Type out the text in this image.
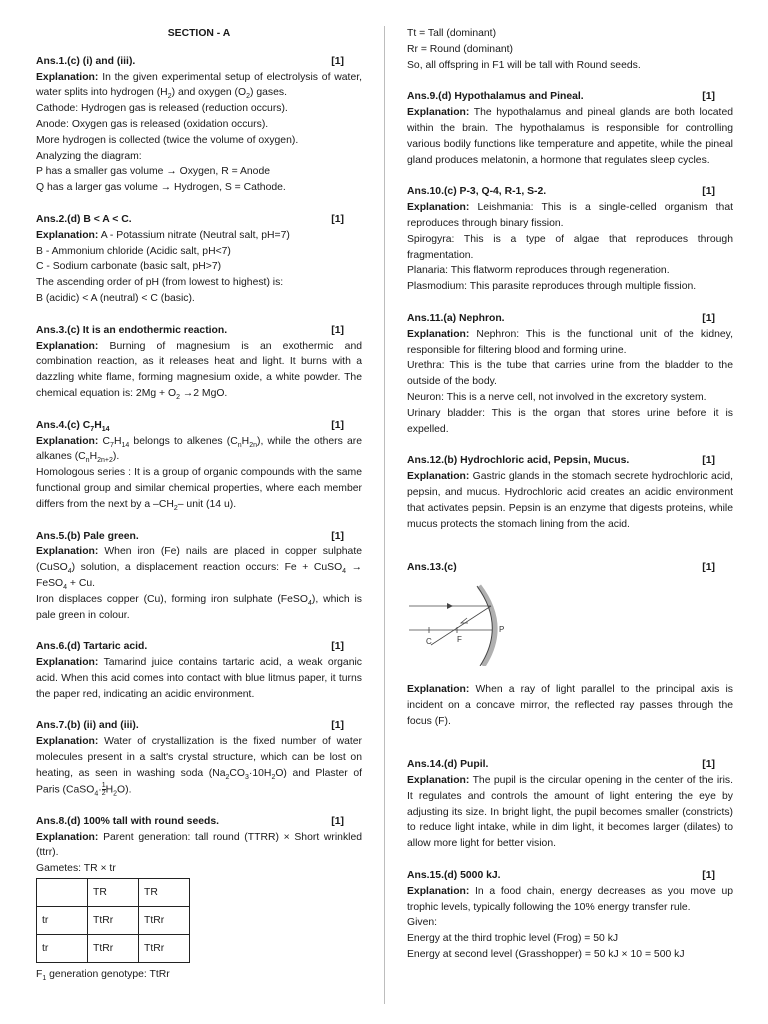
SECTION - A
Ans.1.(c) (i) and (iii).	[1]
Explanation: In the given experimental setup of electrolysis of water, water splits into hydrogen $(H_2)$ and oxygen $(O_2)$ gases.
Cathode: Hydrogen gas is released (reduction occurs).
Anode: Oxygen gas is released (oxidation occurs).
More hydrogen is collected (twice the volume of oxygen).
Analyzing the diagram:
P has a smaller gas volume → Oxygen, R = Anode
Q has a larger gas volume → Hydrogen, S = Cathode.
Ans.2.(d) B < A < C.	[1]
Explanation: A - Potassium nitrate (Neutral salt, pH=7)
B - Ammonium chloride (Acidic salt, pH<7)
C - Sodium carbonate (basic salt, pH>7)
The ascending order of pH (from lowest to highest) is:
B (acidic) < A (neutral) < C (basic).
Ans.3.(c) It is an endothermic reaction.	[1]
Explanation: Burning of magnesium is an exothermic and combination reaction, as it releases heat and light. It burns with a dazzling white flame, forming magnesium oxide, a white powder. The chemical equation is: $2Mg + O_2 \to 2$ MgO.
Ans.4.(c) $C_7H_{14}$	[1]
Explanation: $C_7H_{14}$ belongs to alkenes $(C_nH_{2n})$, while the others are alkanes $(C_nH_{2n+2})$.
Homologous series : It is a group of organic compounds with the same functional group and similar chemical properties, where each member differs from the next by a $-CH_2-$ unit (14 u).
Ans.5.(b) Pale green.	[1]
Explanation: When iron (Fe) nails are placed in copper sulphate (CuSO$_4$) solution, a displacement reaction occurs: Fe + CuSO$_4$ → FeSO$_4$ + Cu.
Iron displaces copper (Cu), forming iron sulphate (FeSO$_4$), which is pale green in colour.
Ans.6.(d) Tartaric acid.	[1]
Explanation: Tamarind juice contains tartaric acid, a weak organic acid. When this acid comes into contact with blue litmus paper, it turns the paper red, indicating an acidic environment.
Ans.7.(b) (ii) and (iii).	[1]
Explanation: Water of crystallization is the fixed number of water molecules present in a salt's crystal structure, which can be lost on heating, as seen in washing soda $(Na_2CO_3\cdot 10H_2O)$ and Plaster of Paris (CaSO$_4$· $\frac{1}{2} H_2O$).
Ans.8.(d) 100% tall with round seeds.	[1]
Explanation: Parent generation: tall round (TTRR) × Short wrinkled (ttrr).
Gametes: TR × tr
	TR	TR
tr	TtRr	TtRr
tr	TtRr	TtRr
$F_1$ generation genotype: TtRr
Tt = Tall (dominant)
Rr = Round (dominant)
So, all offspring in F1 will be tall with Round seeds.
Ans.9.(d) Hypothalamus and Pineal.	[1]
Explanation: The hypothalamus and pineal glands are both located within the brain. The hypothalamus is responsible for controlling various bodily functions like temperature and appetite, while the pineal gland produces melatonin, a hormone that regulates sleep cycles.
Ans.10.(c) P-3, Q-4, R-1, S-2.	[1]
Explanation: Leishmania: This is a single-celled organism that reproduces through binary fission.
Spirogyra: This is a type of algae that reproduces through fragmentation.
Planaria: This flatworm reproduces through regeneration.
Plasmodium: This parasite reproduces through multiple fission.
Ans.11.(a) Nephron.	[1]
Explanation: Nephron: This is the functional unit of the kidney, responsible for filtering blood and forming urine.
Urethra: This is the tube that carries urine from the bladder to the outside of the body.
Neuron: This is a nerve cell, not involved in the excretory system.
Urinary bladder: This is the organ that stores urine before it is expelled.
Ans.12.(b) Hydrochloric acid, Pepsin, Mucus.	[1]
Explanation: Gastric glands in the stomach secrete hydrochloric acid, pepsin, and mucus. Hydrochloric acid creates an acidic environment that activates pepsin. Pepsin is an enzyme that digests proteins, while mucus protects the stomach lining from the acid.
Ans.13.(c)	[1]
C	F
P
Explanation: When a ray of light parallel to the principal axis is incident on a concave mirror, the reflected ray passes through the focus (F).
Ans.14.(d) Pupil.	[1]
Explanation: The pupil is the circular opening in the center of the iris. It regulates and controls the amount of light entering the eye by adjusting its size. In bright light, the pupil becomes smaller (constricts) to reduce light intake, while in dim light, it becomes larger (dilates) to allow more light for better vision.
Ans.15.(d) 5000 kJ.	[1]
Explanation: In a food chain, energy decreases as you move up trophic levels, typically following the 10% energy transfer rule.
Given:
Energy at the third trophic level (Frog) = 50 kJ
Energy at second level (Grasshopper) = 50 kJ × 10 = 500 kJ
